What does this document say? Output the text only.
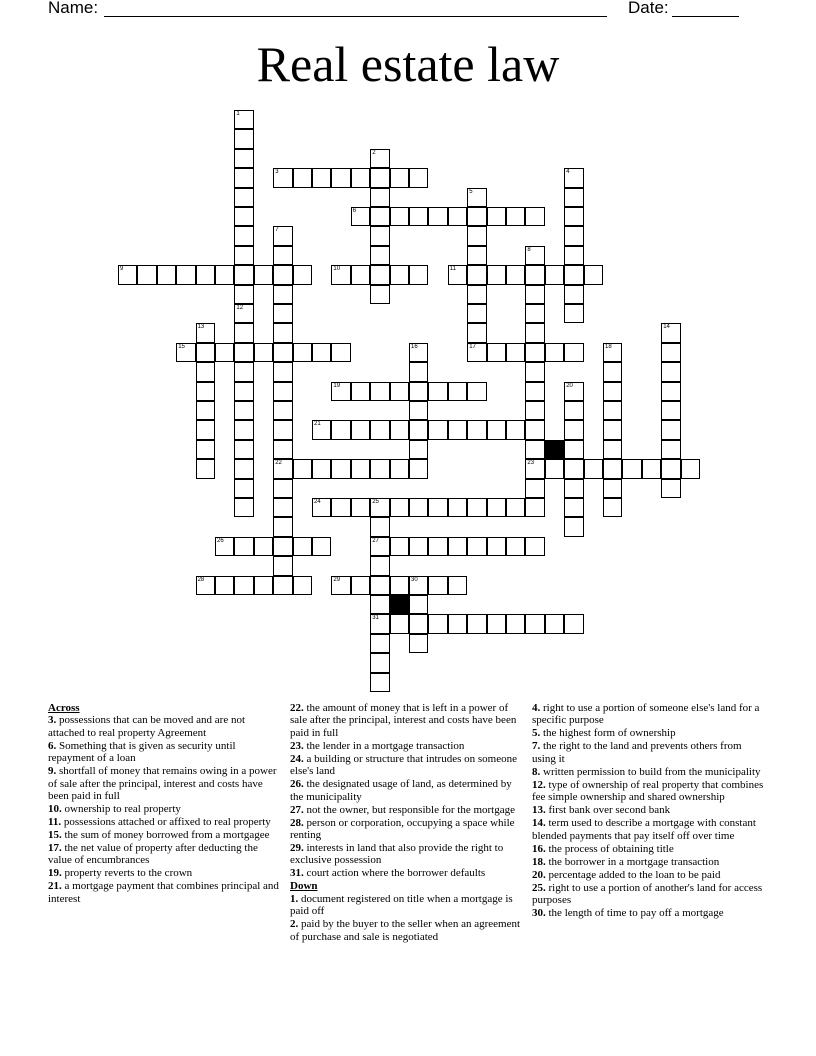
Name:	Date:
Real estate law
3
6
9	10	11
15	17
19
21
22	23
24	25
26	27
28	29	30
31
1
12
2
4
5
7
8
13	14
16	18
20
Across
3. possessions that can be moved and are not attached to real property Agreement
6. Something that is given as security until repayment of a loan
9. shortfall of money that remains owing in a power of sale after the principal, interest and costs have been paid in full
10. ownership to real property
11. possessions attached or affixed to real property
15. the sum of money borrowed from a mortgagee
17. the net value of property after deducting the value of encumbrances
19. property reverts to the crown
21. a mortgage payment that combines principal and interest
22. the amount of money that is left in a power of sale after the principal, interest and costs have been paid in full
23. the lender in a mortgage transaction
24. a building or structure that intrudes on someone else's land
26. the designated usage of land, as determined by the municipality
27. not the owner, but responsible for the mortgage
28. person or corporation, occupying a space while renting
29. interests in land that also provide the right to exclusive possession
31. court action where the borrower defaults
Down
1. document registered on title when a mortgage is paid off
2. paid by the buyer to the seller when an agreement of purchase and sale is negotiated
4. right to use a portion of someone else's land for a specific purpose
5. the highest form of ownership
7. the right to the land and prevents others from using it
8. written permission to build from the municipality
12. type of ownership of real property that combines fee simple ownership and shared ownership
13. first bank over second bank
14. term used to describe a mortgage with constant blended payments that pay itself off over time
16. the process of obtaining title
18. the borrower in a mortgage transaction
20. percentage added to the loan to be paid
25. right to use a portion of another's land for access purposes
30. the length of time to pay off a mortgage
